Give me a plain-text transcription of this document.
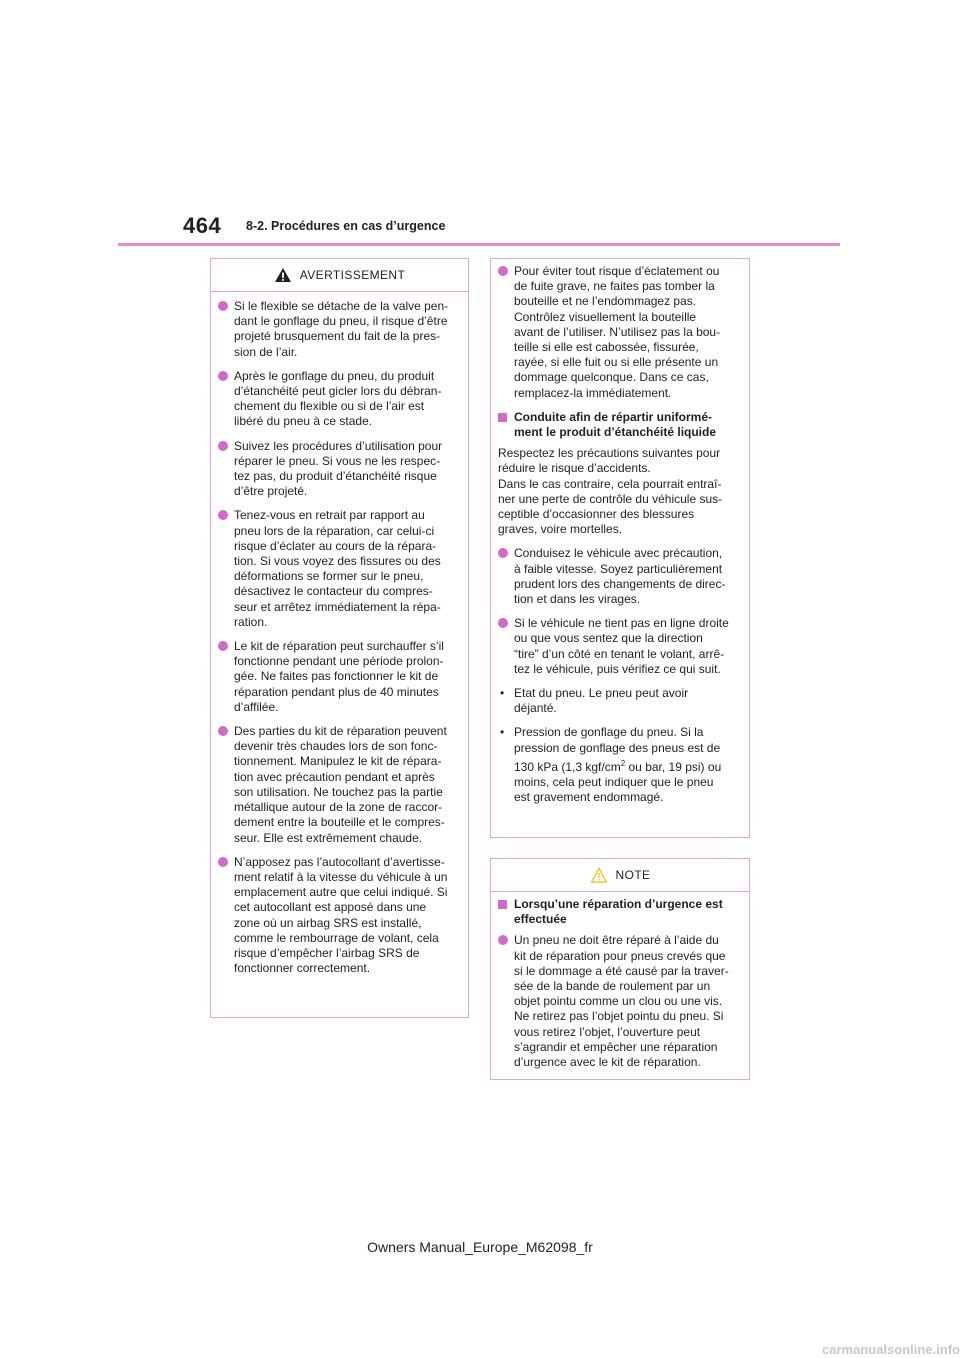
464 8-2. Procédures en cas d’urgence
AVERTISSEMENT
Si le flexible se détache de la valve pen-
dant le gonflage du pneu, il risque d’être
projeté brusquement du fait de la pres-
sion de l’air.
Après le gonflage du pneu, du produit
d’étanchéité peut gicler lors du débran-
chement du flexible ou si de l’air est
libéré du pneu à ce stade.
Suivez les procédures d’utilisation pour
réparer le pneu. Si vous ne les respec-
tez pas, du produit d’étanchéité risque
d’être projeté.
Tenez-vous en retrait par rapport au
pneu lors de la réparation, car celui-ci
risque d’éclater au cours de la répara-
tion. Si vous voyez des fissures ou des
déformations se former sur le pneu,
désactivez le contacteur du compres-
seur et arrêtez immédiatement la répa-
ration.
Le kit de réparation peut surchauffer s’il
fonctionne pendant une période prolon-
gée. Ne faites pas fonctionner le kit de
réparation pendant plus de 40 minutes
d’affilée.
Des parties du kit de réparation peuvent
devenir très chaudes lors de son fonc-
tionnement. Manipulez le kit de répara-
tion avec précaution pendant et après
son utilisation. Ne touchez pas la partie
métallique autour de la zone de raccor-
dement entre la bouteille et le compres-
seur. Elle est extrêmement chaude.
N’apposez pas l’autocollant d’avertisse-
ment relatif à la vitesse du véhicule à un
emplacement autre que celui indiqué. Si
cet autocollant est apposé dans une
zone où un airbag SRS est installé,
comme le rembourrage de volant, cela
risque d’empêcher l’airbag SRS de
fonctionner correctement.
Pour éviter tout risque d’éclatement ou
de fuite grave, ne faites pas tomber la
bouteille et ne l’endommagez pas.
Contrôlez visuellement la bouteille
avant de l’utiliser. N’utilisez pas la bou-
teille si elle est cabossée, fissurée,
rayée, si elle fuit ou si elle présente un
dommage quelconque. Dans ce cas,
remplacez-la immédiatement.
Conduite afin de répartir uniformé-
ment le produit d’étanchéité liquide
Respectez les précautions suivantes pour
réduire le risque d’accidents.
Dans le cas contraire, cela pourrait entraî-
ner une perte de contrôle du véhicule sus-
ceptible d’occasionner des blessures
graves, voire mortelles.
Conduisez le véhicule avec précaution,
à faible vitesse. Soyez particulièrement
prudent lors des changements de direc-
tion et dans les virages.
Si le véhicule ne tient pas en ligne droite
ou que vous sentez que la direction
“tire” d’un côté en tenant le volant, arrê-
tez le véhicule, puis vérifiez ce qui suit.
• Etat du pneu. Le pneu peut avoir
déjanté.
• Pression de gonflage du pneu. Si la
pression de gonflage des pneus est de
130 kPa (1,3 kgf/$cm^2$ ou bar, 19 psi) ou
moins, cela peut indiquer que le pneu
est gravement endommagé.
NOTE
Lorsqu’une réparation d’urgence est
effectuée
Un pneu ne doit être réparé à l’aide du
kit de réparation pour pneus crevés que
si le dommage a été causé par la traver-
sée de la bande de roulement par un
objet pointu comme un clou ou une vis.
Ne retirez pas l’objet pointu du pneu. Si
vous retirez l’objet, l’ouverture peut
s’agrandir et empêcher une réparation
d’urgence avec le kit de réparation.
Owners Manual_Europe_M62098_fr
carmanualsonline.info
